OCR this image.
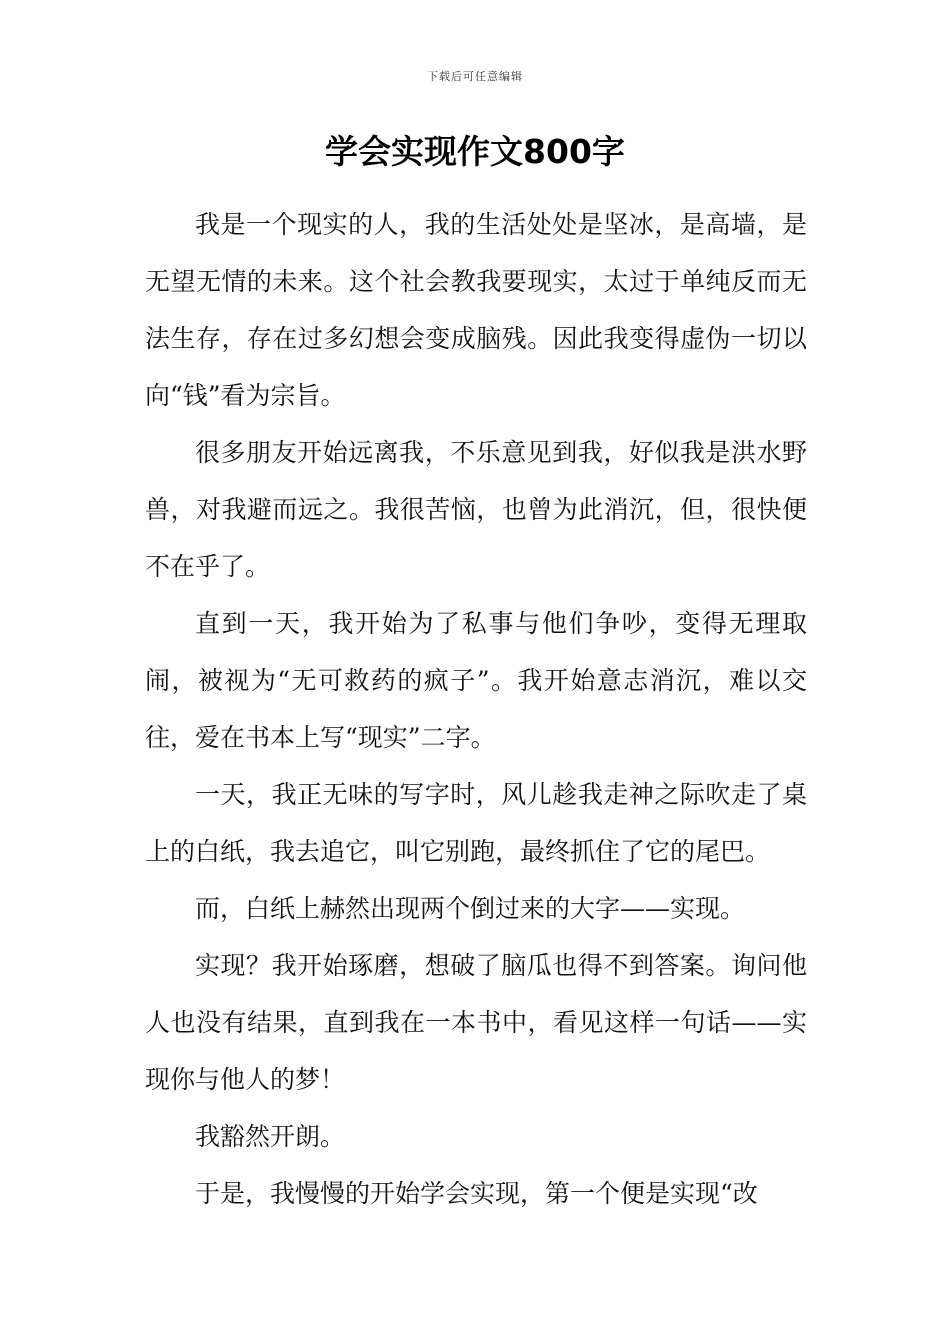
下载后可任意编辑
学会实现作文800字

我是一个现实的人，我的生活处处是坚冰，是高墙，是无望无情的未来。这个社会教我要现实，太过于单纯反而无法生存，存在过多幻想会变成脑残。因此我变得虚伪一切以向“钱”看为宗旨。

很多朋友开始远离我，不乐意见到我，好似我是洪水野兽，对我避而远之。我很苦恼，也曾为此消沉，但，很快便不在乎了。

直到一天，我开始为了私事与他们争吵，变得无理取闹，被视为“无可救药的疯子”。我开始意志消沉，难以交往，爱在书本上写“现实”二字。

一天，我正无味的写字时，风儿趁我走神之际吹走了桌上的白纸，我去追它，叫它别跑，最终抓住了它的尾巴。

而，白纸上赫然出现两个倒过来的大字——实现。

实现？我开始琢磨，想破了脑瓜也得不到答案。询问他人也没有结果，直到我在一本书中，看见这样一句话——实现你与他人的梦！

我豁然开朗。

于是，我慢慢的开始学会实现，第一个便是实现“改
